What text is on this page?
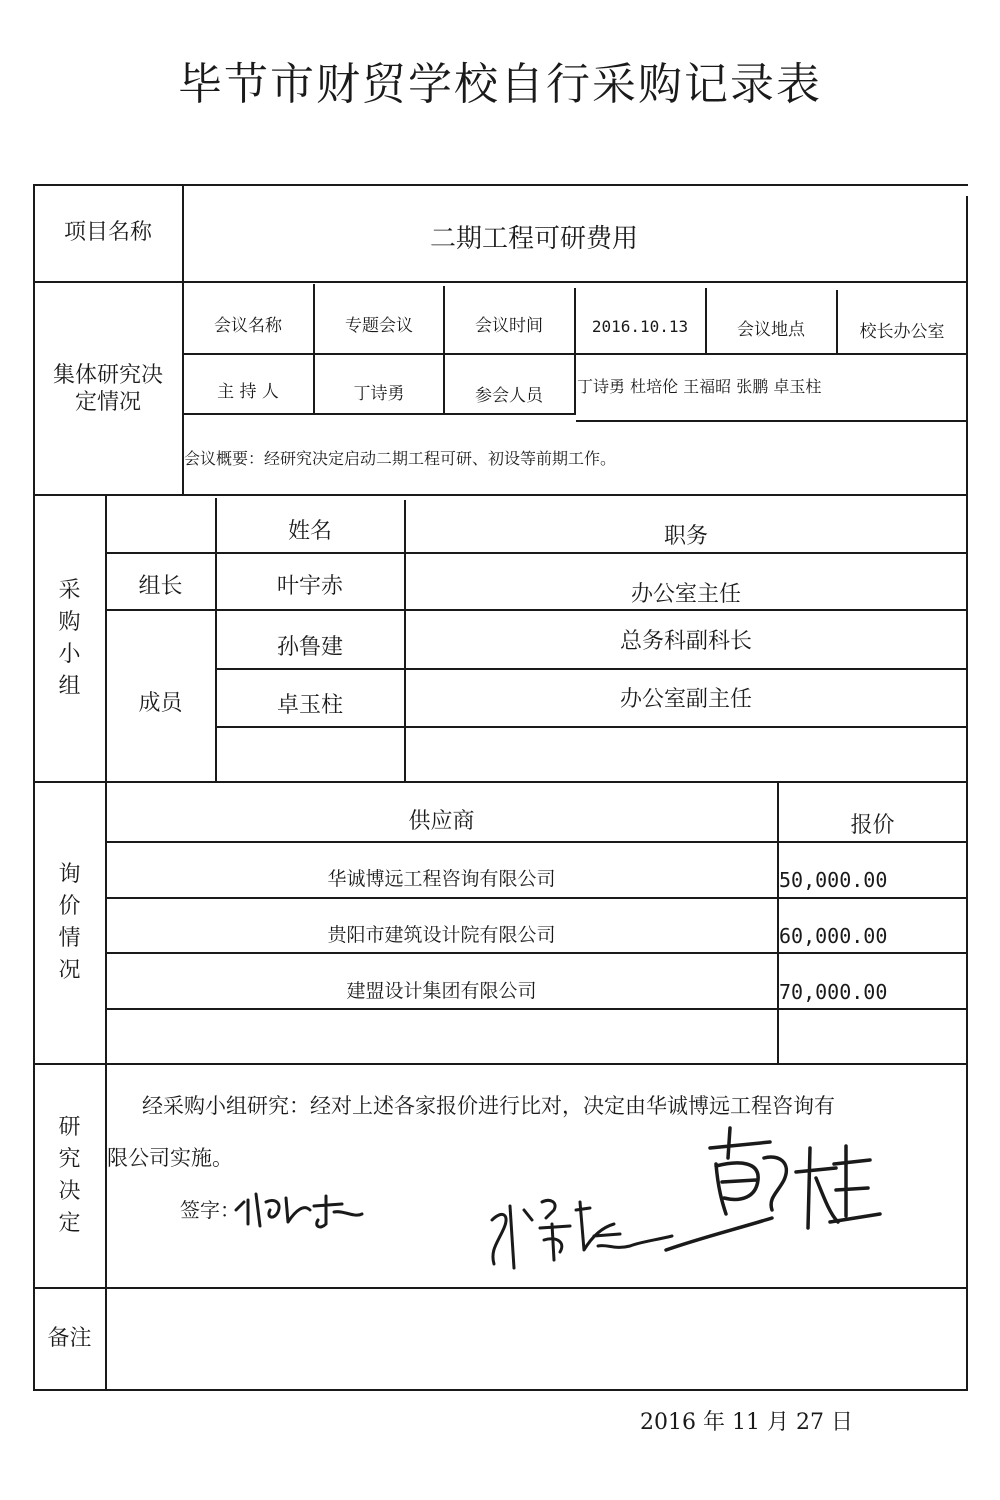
毕节市财贸学校自行采购记录表
项目名称	二期工程可研费用
集体研究决定情况
会议名称	专题会议	会议时间	2016.10.13	会议地点	校长办公室
主 持 人	丁诗勇	参会人员	丁诗勇 杜培伦 王福昭 张鹏 卓玉柱
会议概要：经研究决定启动二期工程可研、初设等前期工作。
采购小组
姓名	职务
组长	叶宇赤	办公室主任
成员
孙鲁建	总务科副科长
卓玉柱	办公室副主任
询价情况
供应商	报价
华诚博远工程咨询有限公司	50,000.00
贵阳市建筑设计院有限公司	60,000.00
建盟设计集团有限公司	70,000.00
研究决定
经采购小组研究：经对上述各家报价进行比对，决定由华诚博远工程咨询有
限公司实施。
签字：
备注
2016 年 11 月 27 日
